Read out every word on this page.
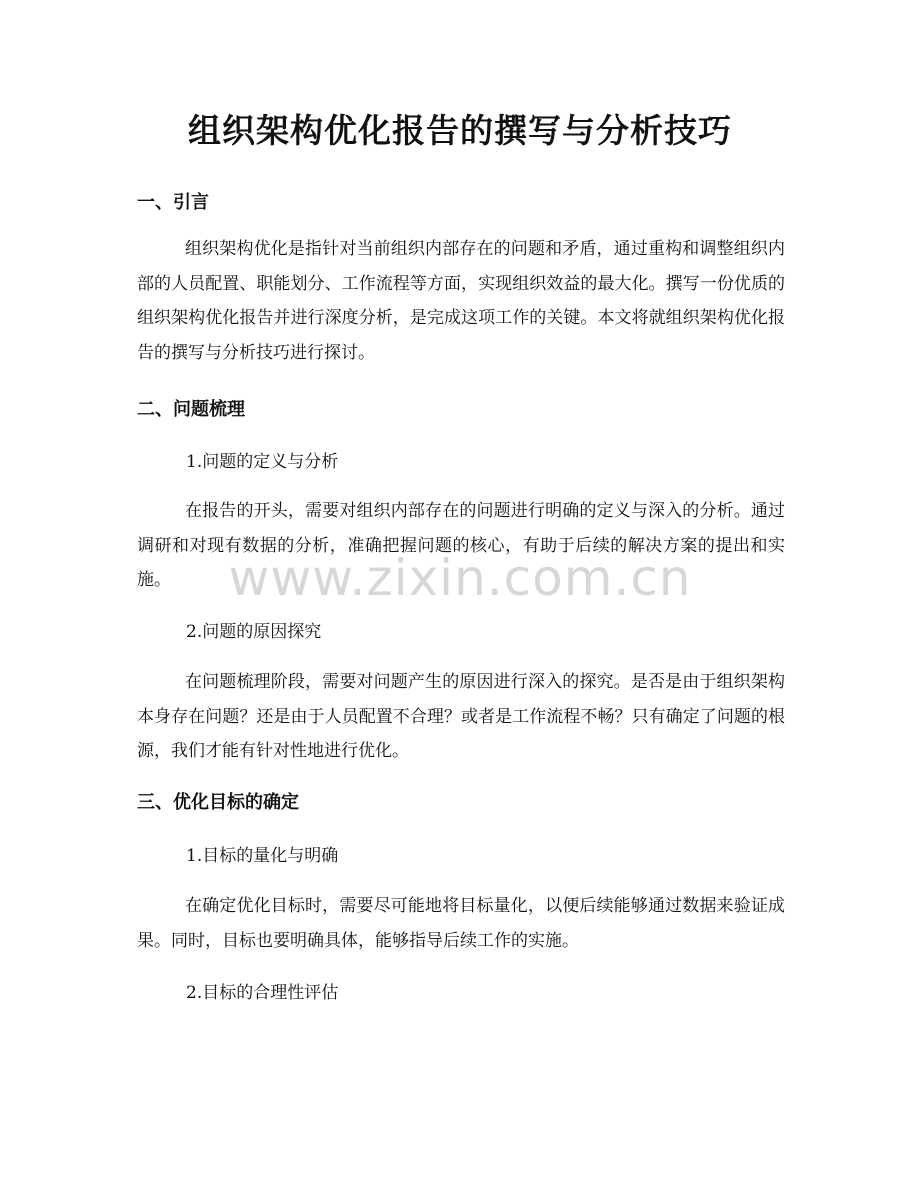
组织架构优化报告的撰写与分析技巧
一、引言

组织架构优化是指针对当前组织内部存在的问题和矛盾，通过重构和调整组织内部的人员配置、职能划分、工作流程等方面，实现组织效益的最大化。撰写一份优质的组织架构优化报告并进行深度分析，是完成这项工作的关键。本文将就组织架构优化报告的撰写与分析技巧进行探讨。

二、问题梳理

1.问题的定义与分析

在报告的开头，需要对组织内部存在的问题进行明确的定义与深入的分析。通过调研和对现有数据的分析，准确把握问题的核心，有助于后续的解决方案的提出和实施。

2.问题的原因探究

在问题梳理阶段，需要对问题产生的原因进行深入的探究。是否是由于组织架构本身存在问题？还是由于人员配置不合理？或者是工作流程不畅？只有确定了问题的根源，我们才能有针对性地进行优化。

三、优化目标的确定

1.目标的量化与明确

在确定优化目标时，需要尽可能地将目标量化，以便后续能够通过数据来验证成果。同时，目标也要明确具体，能够指导后续工作的实施。

2.目标的合理性评估

www.zixin.com.cn
